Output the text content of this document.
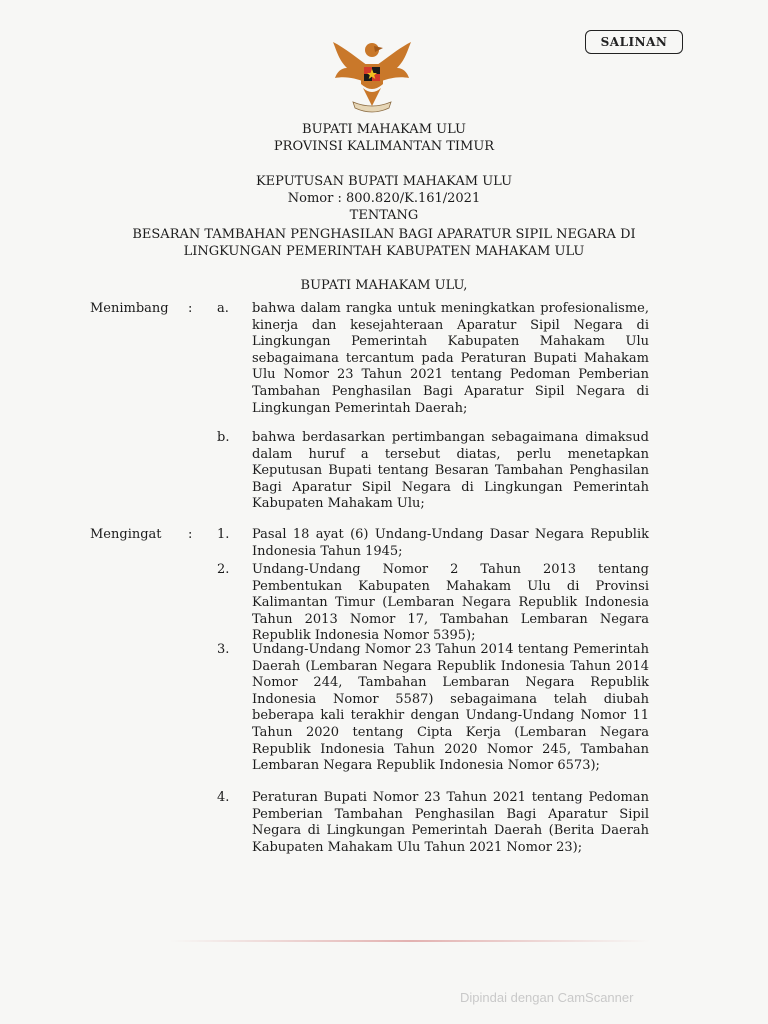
SALINAN
BUPATI MAHAKAM ULU
PROVINSI KALIMANTAN TIMUR
KEPUTUSAN BUPATI MAHAKAM ULU
Nomor : 800.820/K.161/2021
TENTANG
BESARAN TAMBAHAN PENGHASILAN BAGI APARATUR SIPIL NEGARA DI
LINGKUNGAN PEMERINTAH KABUPATEN MAHAKAM ULU
BUPATI MAHAKAM ULU,
Menimbang : a. bahwa dalam rangka untuk meningkatkan profesionalisme, kinerja dan kesejahteraan Aparatur Sipil Negara di Lingkungan Pemerintah Kabupaten Mahakam Ulu sebagaimana tercantum pada Peraturan Bupati Mahakam Ulu Nomor 23 Tahun 2021 tentang Pedoman Pemberian Tambahan Penghasilan Bagi Aparatur Sipil Negara di Lingkungan Pemerintah Daerah;
b. bahwa berdasarkan pertimbangan sebagaimana dimaksud dalam huruf a tersebut diatas, perlu menetapkan Keputusan Bupati tentang Besaran Tambahan Penghasilan Bagi Aparatur Sipil Negara di Lingkungan Pemerintah Kabupaten Mahakam Ulu;
Mengingat : 1. Pasal 18 ayat (6) Undang-Undang Dasar Negara Republik Indonesia Tahun 1945;
2. Undang-Undang Nomor 2 Tahun 2013 tentang Pembentukan Kabupaten Mahakam Ulu di Provinsi Kalimantan Timur (Lembaran Negara Republik Indonesia Tahun 2013 Nomor 17, Tambahan Lembaran Negara Republik Indonesia Nomor 5395);
3. Undang-Undang Nomor 23 Tahun 2014 tentang Pemerintah Daerah (Lembaran Negara Republik Indonesia Tahun 2014 Nomor 244, Tambahan Lembaran Negara Republik Indonesia Nomor 5587) sebagaimana telah diubah beberapa kali terakhir dengan Undang-Undang Nomor 11 Tahun 2020 tentang Cipta Kerja (Lembaran Negara Republik Indonesia Tahun 2020 Nomor 245, Tambahan Lembaran Negara Republik Indonesia Nomor 6573);
4. Peraturan Bupati Nomor 23 Tahun 2021 tentang Pedoman Pemberian Tambahan Penghasilan Bagi Aparatur Sipil Negara di Lingkungan Pemerintah Daerah (Berita Daerah Kabupaten Mahakam Ulu Tahun 2021 Nomor 23);
Dipindai dengan CamScanner
